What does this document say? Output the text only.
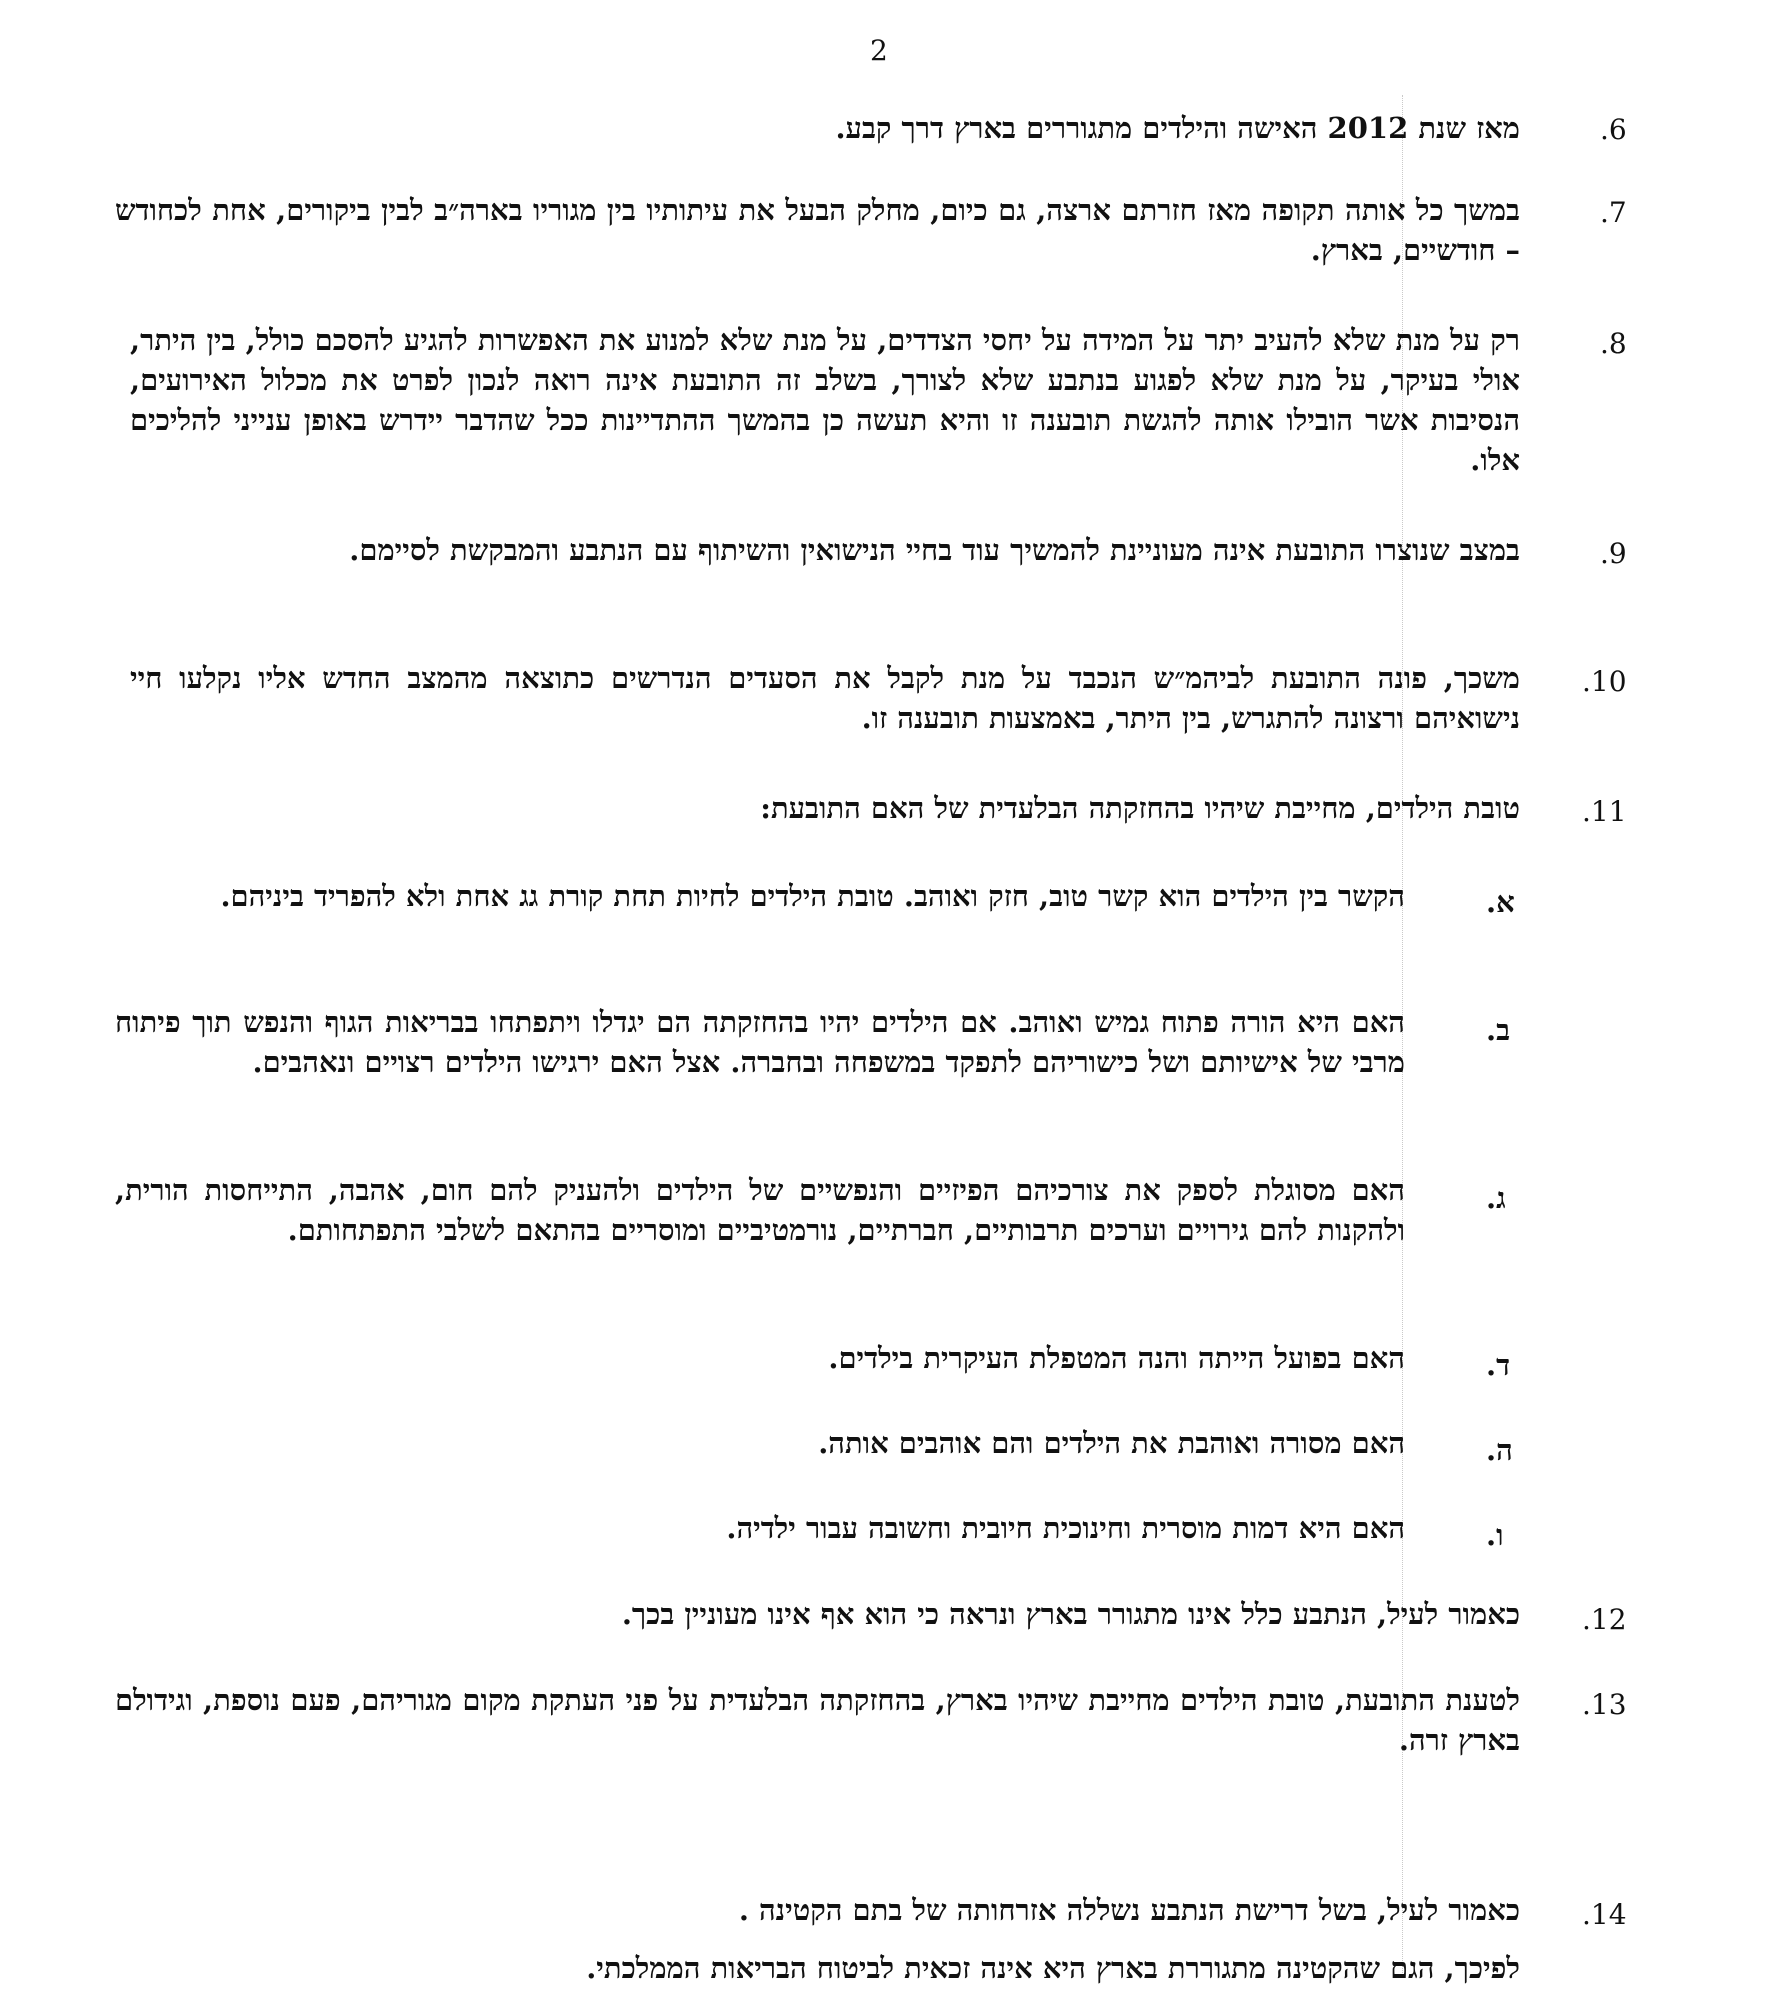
2
.6
מאז שנת 2012 האישה והילדים מתגוררים בארץ דרך קבע.
.7
במשך כל אותה תקופה מאז חזרתם ארצה, גם כיום, מחלק הבעל את עיתותיו בין מגוריו בארה״ב לבין ביקורים, אחת לכחודש – חודשיים, בארץ.
.8
רק על מנת שלא להעיב יתר על המידה על יחסי הצדדים, על מנת שלא למנוע את האפשרות להגיע להסכם כולל, בין היתר, אולי בעיקר, על מנת שלא לפגוע בנתבע שלא לצורך, בשלב זה התובעת אינה רואה לנכון לפרט את מכלול האירועים, הנסיבות אשר הובילו אותה להגשת תובענה זו והיא תעשה כן בהמשך ההתדיינות ככל שהדבר יידרש באופן ענייני להליכים אלו.
.9
במצב שנוצרו התובעת אינה מעוניינת להמשיך עוד בחיי הנישואין והשיתוף עם הנתבע והמבקשת לסיימם.
.10
משכך, פונה התובעת לביהמ״ש הנכבד על מנת לקבל את הסעדים הנדרשים כתוצאה מהמצב החדש אליו נקלעו חיי נישואיהם ורצונה להתגרש, בין היתר, באמצעות תובענה זו.
.11
טובת הילדים, מחייבת שיהיו בהחזקתה הבלעדית של האם התובעת:
א.
הקשר בין הילדים הוא קשר טוב, חזק ואוהב. טובת הילדים לחיות תחת קורת גג אחת ולא להפריד ביניהם.
ב.
האם היא הורה פתוח גמיש ואוהב. אם הילדים יהיו בהחזקתה הם יגדלו ויתפתחו בבריאות הגוף והנפש תוך פיתוח מרבי של אישיותם ושל כישוריהם לתפקד במשפחה ובחברה. אצל האם ירגישו הילדים רצויים ונאהבים.
ג.
האם מסוגלת לספק את צורכיהם הפיזיים והנפשיים של הילדים ולהעניק להם חום, אהבה, התייחסות הורית, ולהקנות להם גירויים וערכים תרבותיים, חברתיים, נורמטיביים ומוסריים בהתאם לשלבי התפתחותם.
ד.
האם בפועל הייתה והנה המטפלת העיקרית בילדים.
ה.
האם מסורה ואוהבת את הילדים והם אוהבים אותה.
ו.
האם היא דמות מוסרית וחינוכית חיובית וחשובה עבור ילדיה.
.12
כאמור לעיל, הנתבע כלל אינו מתגורר בארץ ונראה כי הוא אף אינו מעוניין בכך.
.13
לטענת התובעת, טובת הילדים מחייבת שיהיו בארץ, בהחזקתה הבלעדית על פני העתקת מקום מגוריהם, פעם נוספת, וגידולם בארץ זרה.
.14
כאמור לעיל, בשל דרישת הנתבע נשללה אזרחותה של בתם הקטינה .
לפיכך, הגם שהקטינה מתגוררת בארץ היא אינה זכאית לביטוח הבריאות הממלכתי.
